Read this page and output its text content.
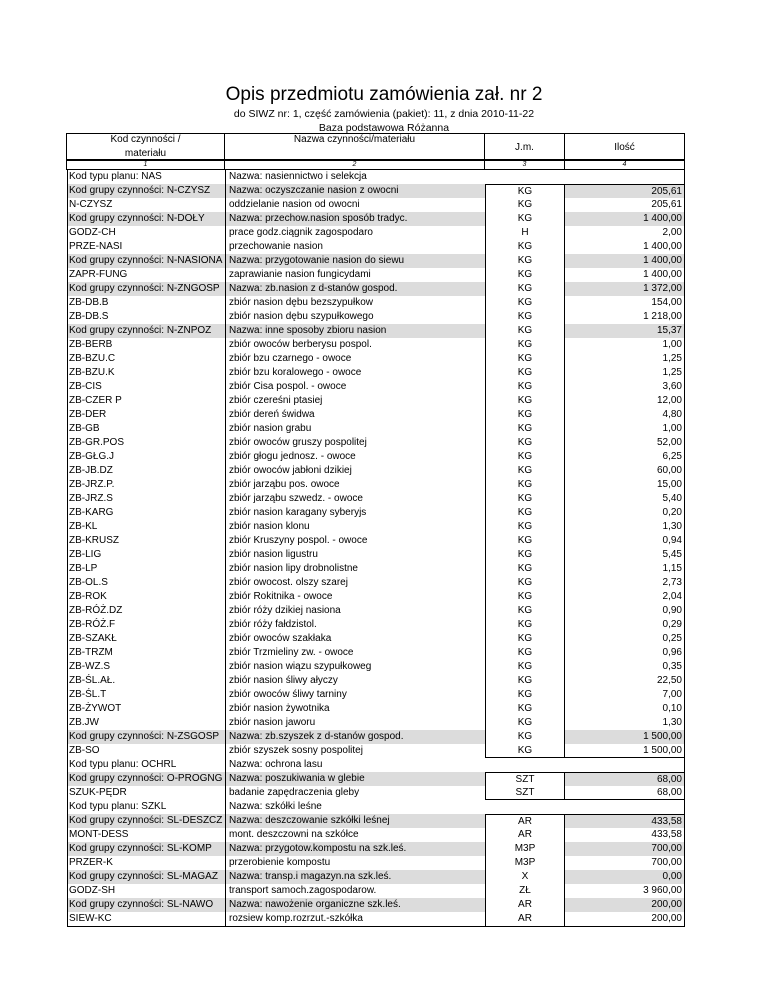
Opis przedmiotu zamówienia zał. nr 2
do SIWZ nr: 1, część zamówienia (pakiet): 11, z dnia 2010-11-22
Baza podstawowa Różanna
Kod czynności /
materiału
Nazwa czynności/materiału
J.m.	Ilość
1	2	3	4
Kod typu planu: NAS	Nazwa: nasiennictwo i selekcja
Kod grupy czynności: N-CZYSZ	Nazwa: oczyszczanie nasion z owocni	KG	205,61
N-CZYSZ	oddzielanie nasion od owocni	KG	205,61
Kod grupy czynności: N-DOŁY	Nazwa: przechow.nasion sposób tradyc.	KG	1 400,00
GODZ-CH	prace godz.ciągnik zagospodaro	H	2,00
PRZE-NASI	przechowanie nasion	KG	1 400,00
Kod grupy czynności: N-NASIONA Nazwa: przygotowanie nasion do siewu	KG	1 400,00
ZAPR-FUNG	zaprawianie nasion fungicydami	KG	1 400,00
Kod grupy czynności: N-ZNGOSP Nazwa: zb.nasion z d-stanów gospod.	KG	1 372,00
ZB-DB.B	zbiór nasion dębu bezszypułkow	KG	154,00
ZB-DB.S	zbiór nasion dębu szypułkowego	KG	1 218,00
Kod grupy czynności: N-ZNPOZ	Nazwa: inne sposoby zbioru nasion	KG	15,37
ZB-BERB	zbiór owoców berberysu pospol.	KG	1,00
ZB-BZU.C	zbiór bzu czarnego - owoce	KG	1,25
ZB-BZU.K	zbiór bzu koralowego - owoce	KG	1,25
ZB-CIS	zbiór Cisa pospol. - owoce	KG	3,60
ZB-CZER P	zbiór czereśni ptasiej	KG	12,00
ZB-DER	zbiór dereń świdwa	KG	4,80
ZB-GB	zbiór nasion grabu	KG	1,00
ZB-GR.POS	zbiór owoców gruszy pospolitej	KG	52,00
ZB-GŁG.J	zbiór głogu jednosz. - owoce	KG	6,25
ZB-JB.DZ	zbiór owoców jabłoni dzikiej	KG	60,00
ZB-JRZ.P.	zbiór jarząbu pos. owoce	KG	15,00
ZB-JRZ.S	zbiór jarząbu szwedz. - owoce	KG	5,40
ZB-KARG	zbiór nasion karagany syberyjs	KG	0,20
ZB-KL	zbiór nasion klonu	KG	1,30
ZB-KRUSZ	zbiór Kruszyny pospol. - owoce	KG	0,94
ZB-LIG	zbiór nasion ligustru	KG	5,45
ZB-LP	zbiór nasion lipy drobnolistne	KG	1,15
ZB-OL.S	zbiór owocost. olszy szarej	KG	2,73
ZB-ROK	zbiór Rokitnika - owoce	KG	2,04
ZB-RÓŻ.DZ	zbiór róży dzikiej nasiona	KG	0,90
ZB-RÓŻ.F	zbiór róży fałdzistol.	KG	0,29
ZB-SZAKŁ	zbiór owoców szakłaka	KG	0,25
ZB-TRZM	zbiór Trzmieliny zw. - owoce	KG	0,96
ZB-WZ.S	zbiór nasion wiązu szypułkoweg	KG	0,35
ZB-ŚL.AŁ.	zbiór nasion śliwy ałyczy	KG	22,50
ZB-ŚL.T	zbiór owoców śliwy tarniny	KG	7,00
ZB-ŻYWOT	zbiór nasion żywotnika	KG	0,10
ZB.JW	zbiór nasion jaworu	KG	1,30
Kod grupy czynności: N-ZSGOSP Nazwa: zb.szyszek z d-stanów gospod.	KG	1 500,00
ZB-SO	zbiór szyszek sosny pospolitej	KG	1 500,00
Kod typu planu: OCHRL	Nazwa: ochrona lasu
Kod grupy czynności: O-PROGNG Nazwa: poszukiwania w glebie	SZT	68,00
SZUK-PĘDR	badanie zapędraczenia gleby	SZT	68,00
Kod typu planu: SZKL	Nazwa: szkółki leśne
Kod grupy czynności: SL-DESZCZ Nazwa: deszczowanie szkółki leśnej	AR	433,58
MONT-DESS	mont. deszczowni na szkółce	AR	433,58
Kod grupy czynności: SL-KOMP	Nazwa: przygotow.kompostu na szk.leś.	M3P	700,00
PRZER-K	przerobienie kompostu	M3P	700,00
Kod grupy czynności: SL-MAGAZ	Nazwa: transp.i magazyn.na szk.leś.	X	0,00
GODZ-SH	transport samoch.zagospodarow.	ZŁ	3 960,00
Kod grupy czynności: SL-NAWO	Nazwa: nawożenie organiczne szk.leś.	AR	200,00
SIEW-KC	rozsiew komp.rozrzut.-szkółka	AR	200,00
